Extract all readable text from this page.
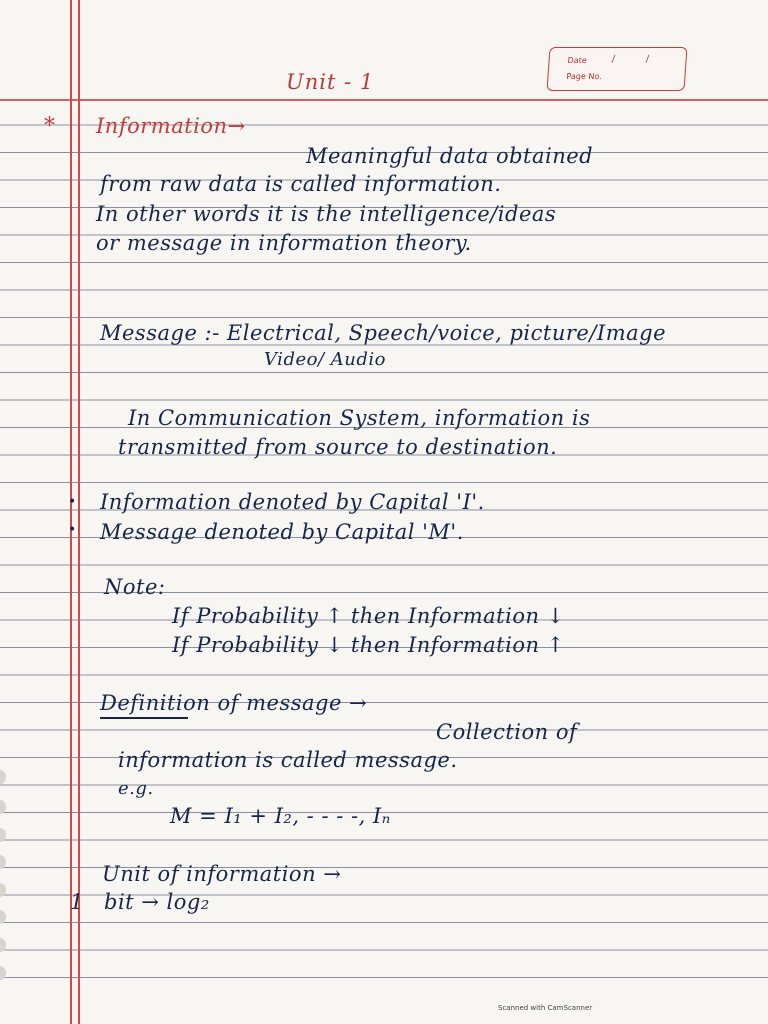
Date /	/
Page No.
Unit - 1
* Information→
Meaningful data obtained
from raw data is called information.
In other words it is the intelligence/ideas
or message in information theory.
Message :- Electrical, Speech/voice, picture/Image
Video/ Audio
In Communication System, information is
transmitted from source to destination.
• Information denoted by Capital 'I'.
• Message denoted by Capital 'M'.
Note:
If Probability ↑ then Information ↓
If Probability ↓ then Information ↑
Definition of message →
Collection of
information is called message.
e.g.
M = I₁ + I₂, - - - -, Iₙ
Unit of information →
1 bit → log₂
Scanned with CamScanner
